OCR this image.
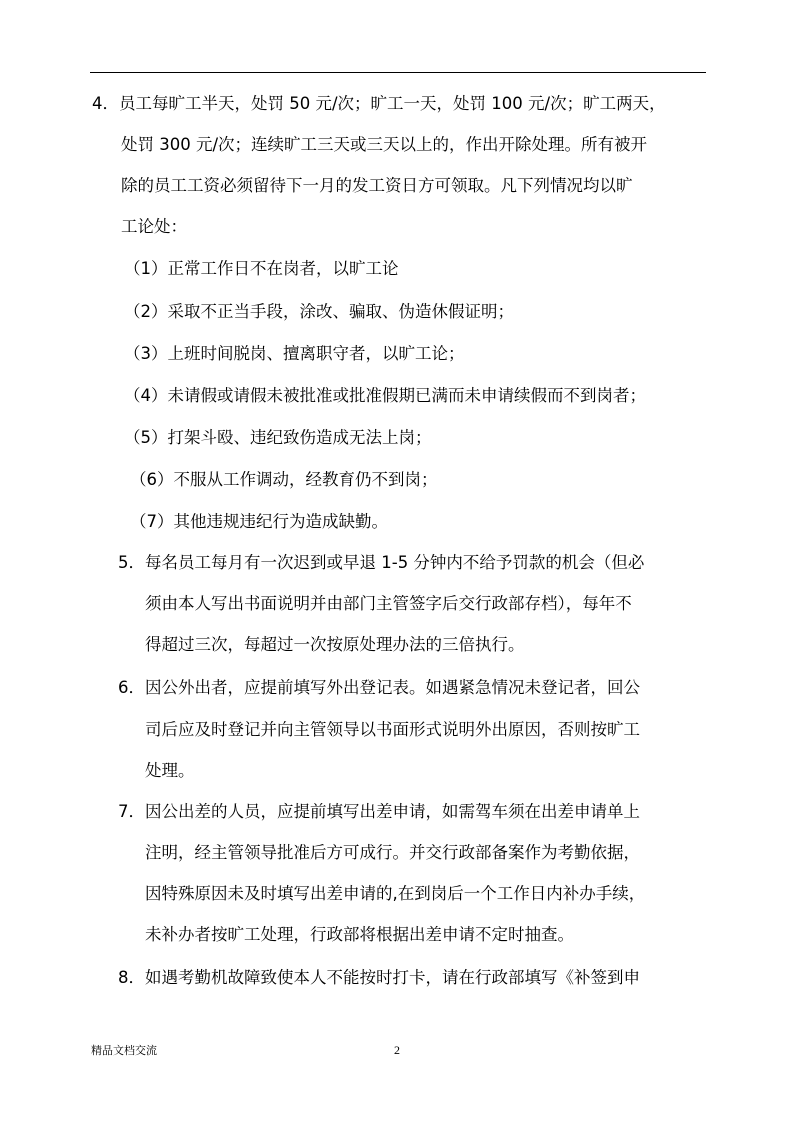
4．员工每旷工半天，处罚 50 元/次；旷工一天，处罚 100 元/次；旷工两天，
处罚 300 元/次；连续旷工三天或三天以上的，作出开除处理。所有被开
除的员工工资必须留待下一月的发工资日方可领取。凡下列情况均以旷
工论处：
（1）正常工作日不在岗者，以旷工论
（2）采取不正当手段，涂改、骗取、伪造休假证明；
（3）上班时间脱岗、擅离职守者，以旷工论；
（4）未请假或请假未被批准或批准假期已满而未申请续假而不到岗者；
（5）打架斗殴、违纪致伤造成无法上岗；
（6）不服从工作调动，经教育仍不到岗；
（7）其他违规违纪行为造成缺勤。
5．每名员工每月有一次迟到或早退 1-5 分钟内不给予罚款的机会（但必
须由本人写出书面说明并由部门主管签字后交行政部存档），每年不
得超过三次，每超过一次按原处理办法的三倍执行。
6．因公外出者，应提前填写外出登记表。如遇紧急情况未登记者，回公
司后应及时登记并向主管领导以书面形式说明外出原因，否则按旷工
处理。
7．因公出差的人员，应提前填写出差申请，如需驾车须在出差申请单上
注明，经主管领导批准后方可成行。并交行政部备案作为考勤依据，
因特殊原因未及时填写出差申请的,在到岗后一个工作日内补办手续，
未补办者按旷工处理，行政部将根据出差申请不定时抽查。
8．如遇考勤机故障致使本人不能按时打卡，请在行政部填写《补签到申
精品文档交流	2
